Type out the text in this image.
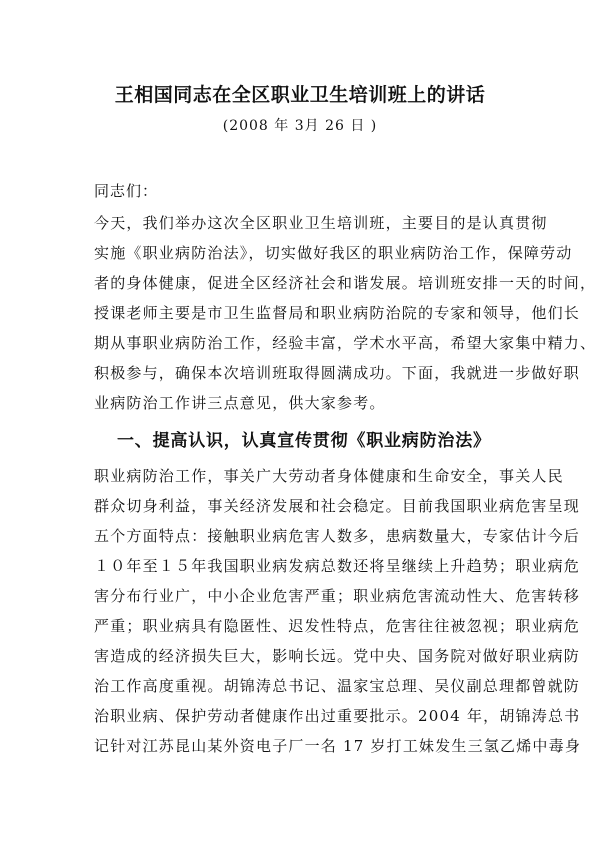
王相国同志在全区职业卫生培训班上的讲话
(2008 年 3月 26 日 )
同志们：
今天，我们举办这次全区职业卫生培训班，主要目的是认真贯彻
实施《职业病防治法》，切实做好我区的职业病防治工作，保障劳动
者的身体健康，促进全区经济社会和谐发展。培训班安排一天的时间，
授课老师主要是市卫生监督局和职业病防治院的专家和领导，他们长
期从事职业病防治工作，经验丰富，学术水平高，希望大家集中精力、
积极参与，确保本次培训班取得圆满成功。下面，我就进一步做好职
业病防治工作讲三点意见，供大家参考。
一、提高认识，认真宣传贯彻《职业病防治法》
职业病防治工作，事关广大劳动者身体健康和生命安全，事关人民
群众切身利益，事关经济发展和社会稳定。目前我国职业病危害呈现
五个方面特点：接触职业病危害人数多，患病数量大，专家估计今后
１０年至１５年我国职业病发病总数还将呈继续上升趋势；职业病危
害分布行业广，中小企业危害严重；职业病危害流动性大、危害转移
严重；职业病具有隐匿性、迟发性特点，危害往往被忽视；职业病危
害造成的经济损失巨大，影响长远。党中央、国务院对做好职业病防
治工作高度重视。胡锦涛总书记、温家宝总理、吴仪副总理都曾就防
治职业病、保护劳动者健康作出过重要批示。2004 年，胡锦涛总书
记针对江苏昆山某外资电子厂一名 17 岁打工妹发生三氢乙烯中毒身
